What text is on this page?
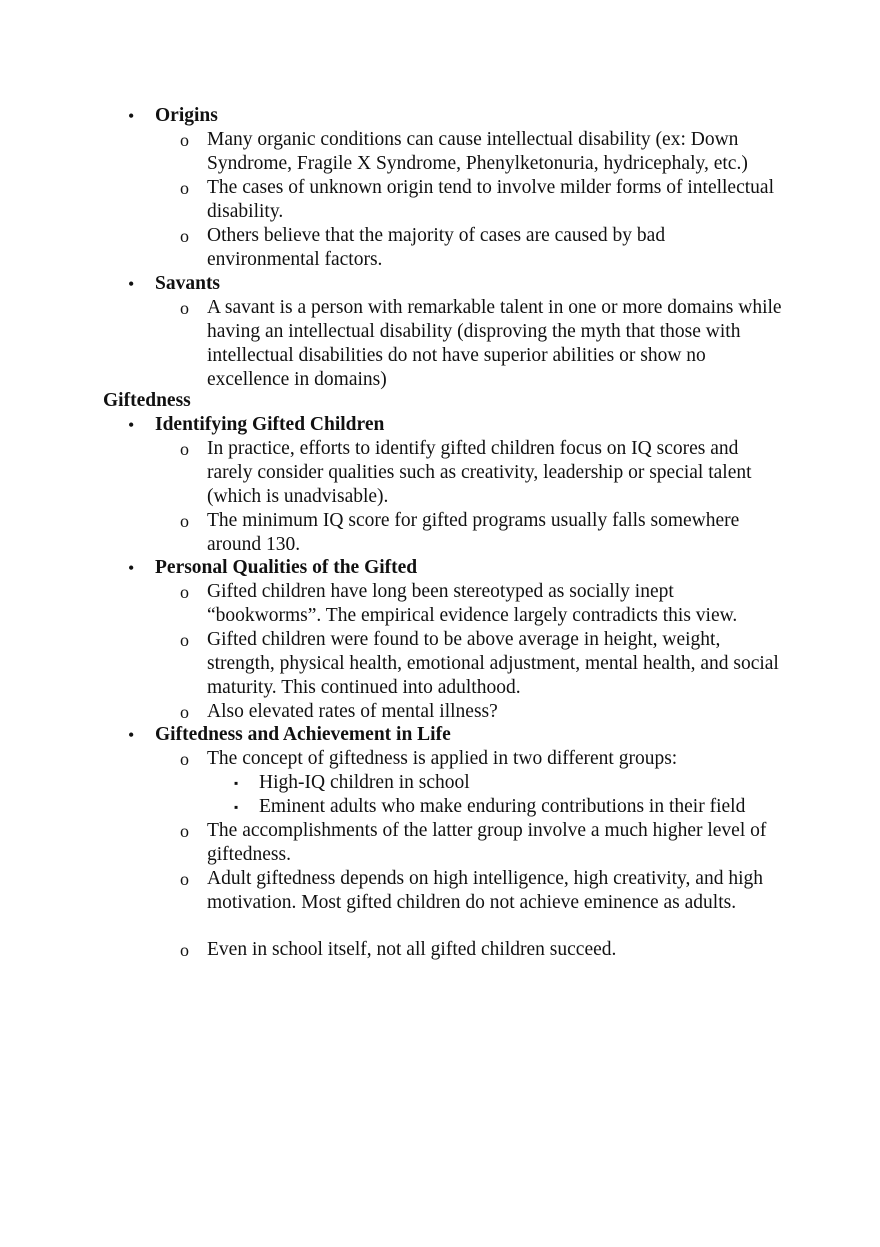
• Origins
o Many organic conditions can cause intellectual disability (ex: Down Syndrome, Fragile X Syndrome, Phenylketonuria, hydricephaly, etc.)
o The cases of unknown origin tend to involve milder forms of intellectual disability.
o Others believe that the majority of cases are caused by bad environmental factors.
• Savants
o A savant is a person with remarkable talent in one or more domains while having an intellectual disability (disproving the myth that those with intellectual disabilities do not have superior abilities or show no excellence in domains)
Giftedness
• Identifying Gifted Children
o In practice, efforts to identify gifted children focus on IQ scores and rarely consider qualities such as creativity, leadership or special talent (which is unadvisable).
o The minimum IQ score for gifted programs usually falls somewhere around 130.
• Personal Qualities of the Gifted
o Gifted children have long been stereotyped as socially inept “bookworms”. The empirical evidence largely contradicts this view.
o Gifted children were found to be above average in height, weight, strength, physical health, emotional adjustment, mental health, and social maturity. This continued into adulthood.
o Also elevated rates of mental illness?
• Giftedness and Achievement in Life
o The concept of giftedness is applied in two different groups:
▪ High-IQ children in school
▪ Eminent adults who make enduring contributions in their field
o The accomplishments of the latter group involve a much higher level of giftedness.
o Adult giftedness depends on high intelligence, high creativity, and high motivation. Most gifted children do not achieve eminence as adults.
o Even in school itself, not all gifted children succeed.
